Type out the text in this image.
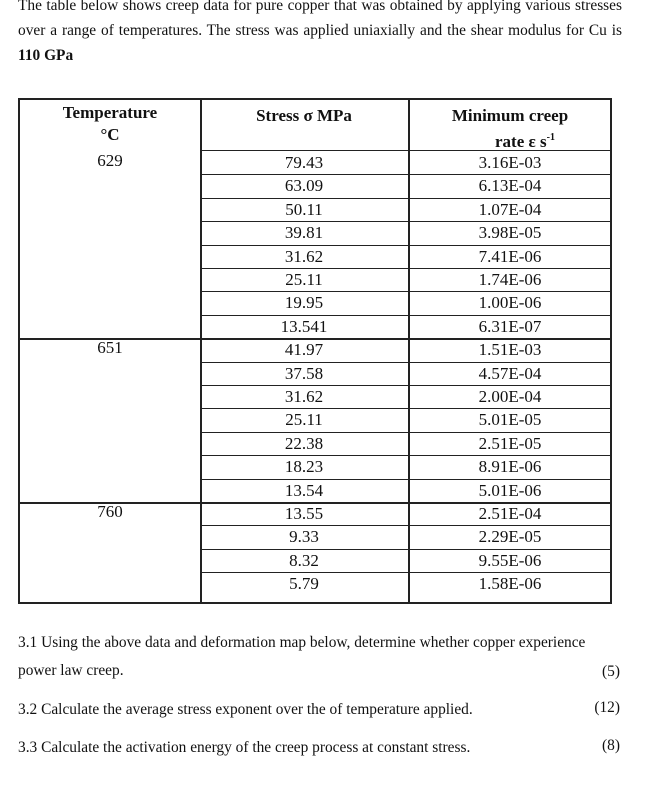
The table below shows creep data for pure copper that was obtained by applying various stresses over a range of temperatures. The stress was applied uniaxially and the shear modulus for Cu is 110 GPa
Temperature
°C
Stress σ MPa	Minimum creep
rate ε $s^{-1}$
629	79.43	3.16E-03
63.09	6.13E-04
50.11	1.07E-04
39.81	3.98E-05
31.62	7.41E-06
25.11	1.74E-06
19.95	1.00E-06
13.541	6.31E-07
651	41.97	1.51E-03
37.58	4.57E-04
31.62	2.00E-04
25.11	5.01E-05
22.38	2.51E-05
18.23	8.91E-06
13.54	5.01E-06
760	13.55	2.51E-04
9.33	2.29E-05
8.32	9.55E-06
5.79	1.58E-06
3.1 Using the above data and deformation map below, determine whether copper experience
power law creep.	(5)
3.2 Calculate the average stress exponent over the of temperature applied.	(12)
3.3 Calculate the activation energy of the creep process at constant stress.	(8)
